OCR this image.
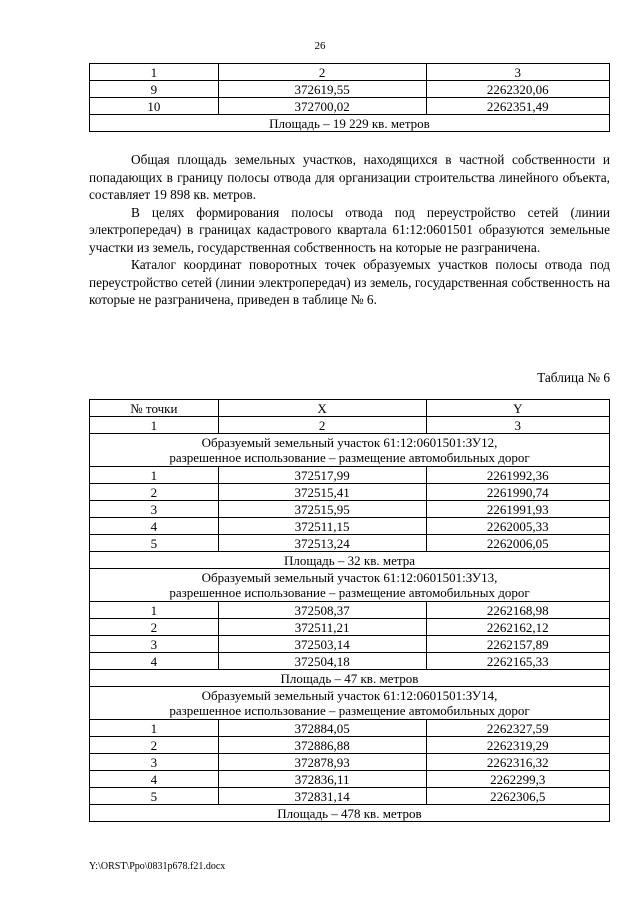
26
1	2	3
9	372619,55	2262320,06
10	372700,02	2262351,49
Площадь – 19 229 кв. метров		

Общая площадь земельных участков, находящихся в частной собственности и попадающих в границу полосы отвода для организации строительства линейного объекта, составляет 19 898 кв. метров.

В целях формирования полосы отвода под переустройство сетей (линии электропередач) в границах кадастрового квартала 61:12:0601501 образуются земельные участки из земель, государственная собственность на которые не разграничена.

Каталог координат поворотных точек образуемых участков полосы отвода под переустройство сетей (линии электропередач) из земель, государственная собственность на которые не разграничена, приведен в таблице № 6.

Таблица № 6
№ точки	X	Y
1	2	3

Образуемый земельный участок 61:12:0601501:ЗУ12,
разрешенное использование – размещение автомобильных дорог		

1	372517,99	2261992,36
2	372515,41	2261990,74
3	372515,95	2261991,93
4	372511,15	2262005,33
5	372513,24	2262006,05
Площадь – 32 кв. метра		

Образуемый земельный участок 61:12:0601501:ЗУ13,
разрешенное использование – размещение автомобильных дорог		

1	372508,37	2262168,98
2	372511,21	2262162,12
3	372503,14	2262157,89
4	372504,18	2262165,33
Площадь – 47 кв. метров		

Образуемый земельный участок 61:12:0601501:ЗУ14,
разрешенное использование – размещение автомобильных дорог		

1	372884,05	2262327,59
2	372886,88	2262319,29
3	372878,93	2262316,32
4	372836,11	2262299,3
5	372831,14	2262306,5
Площадь – 478 кв. метров		
Y:\ORST\Ppo\0831p678.f21.docx
